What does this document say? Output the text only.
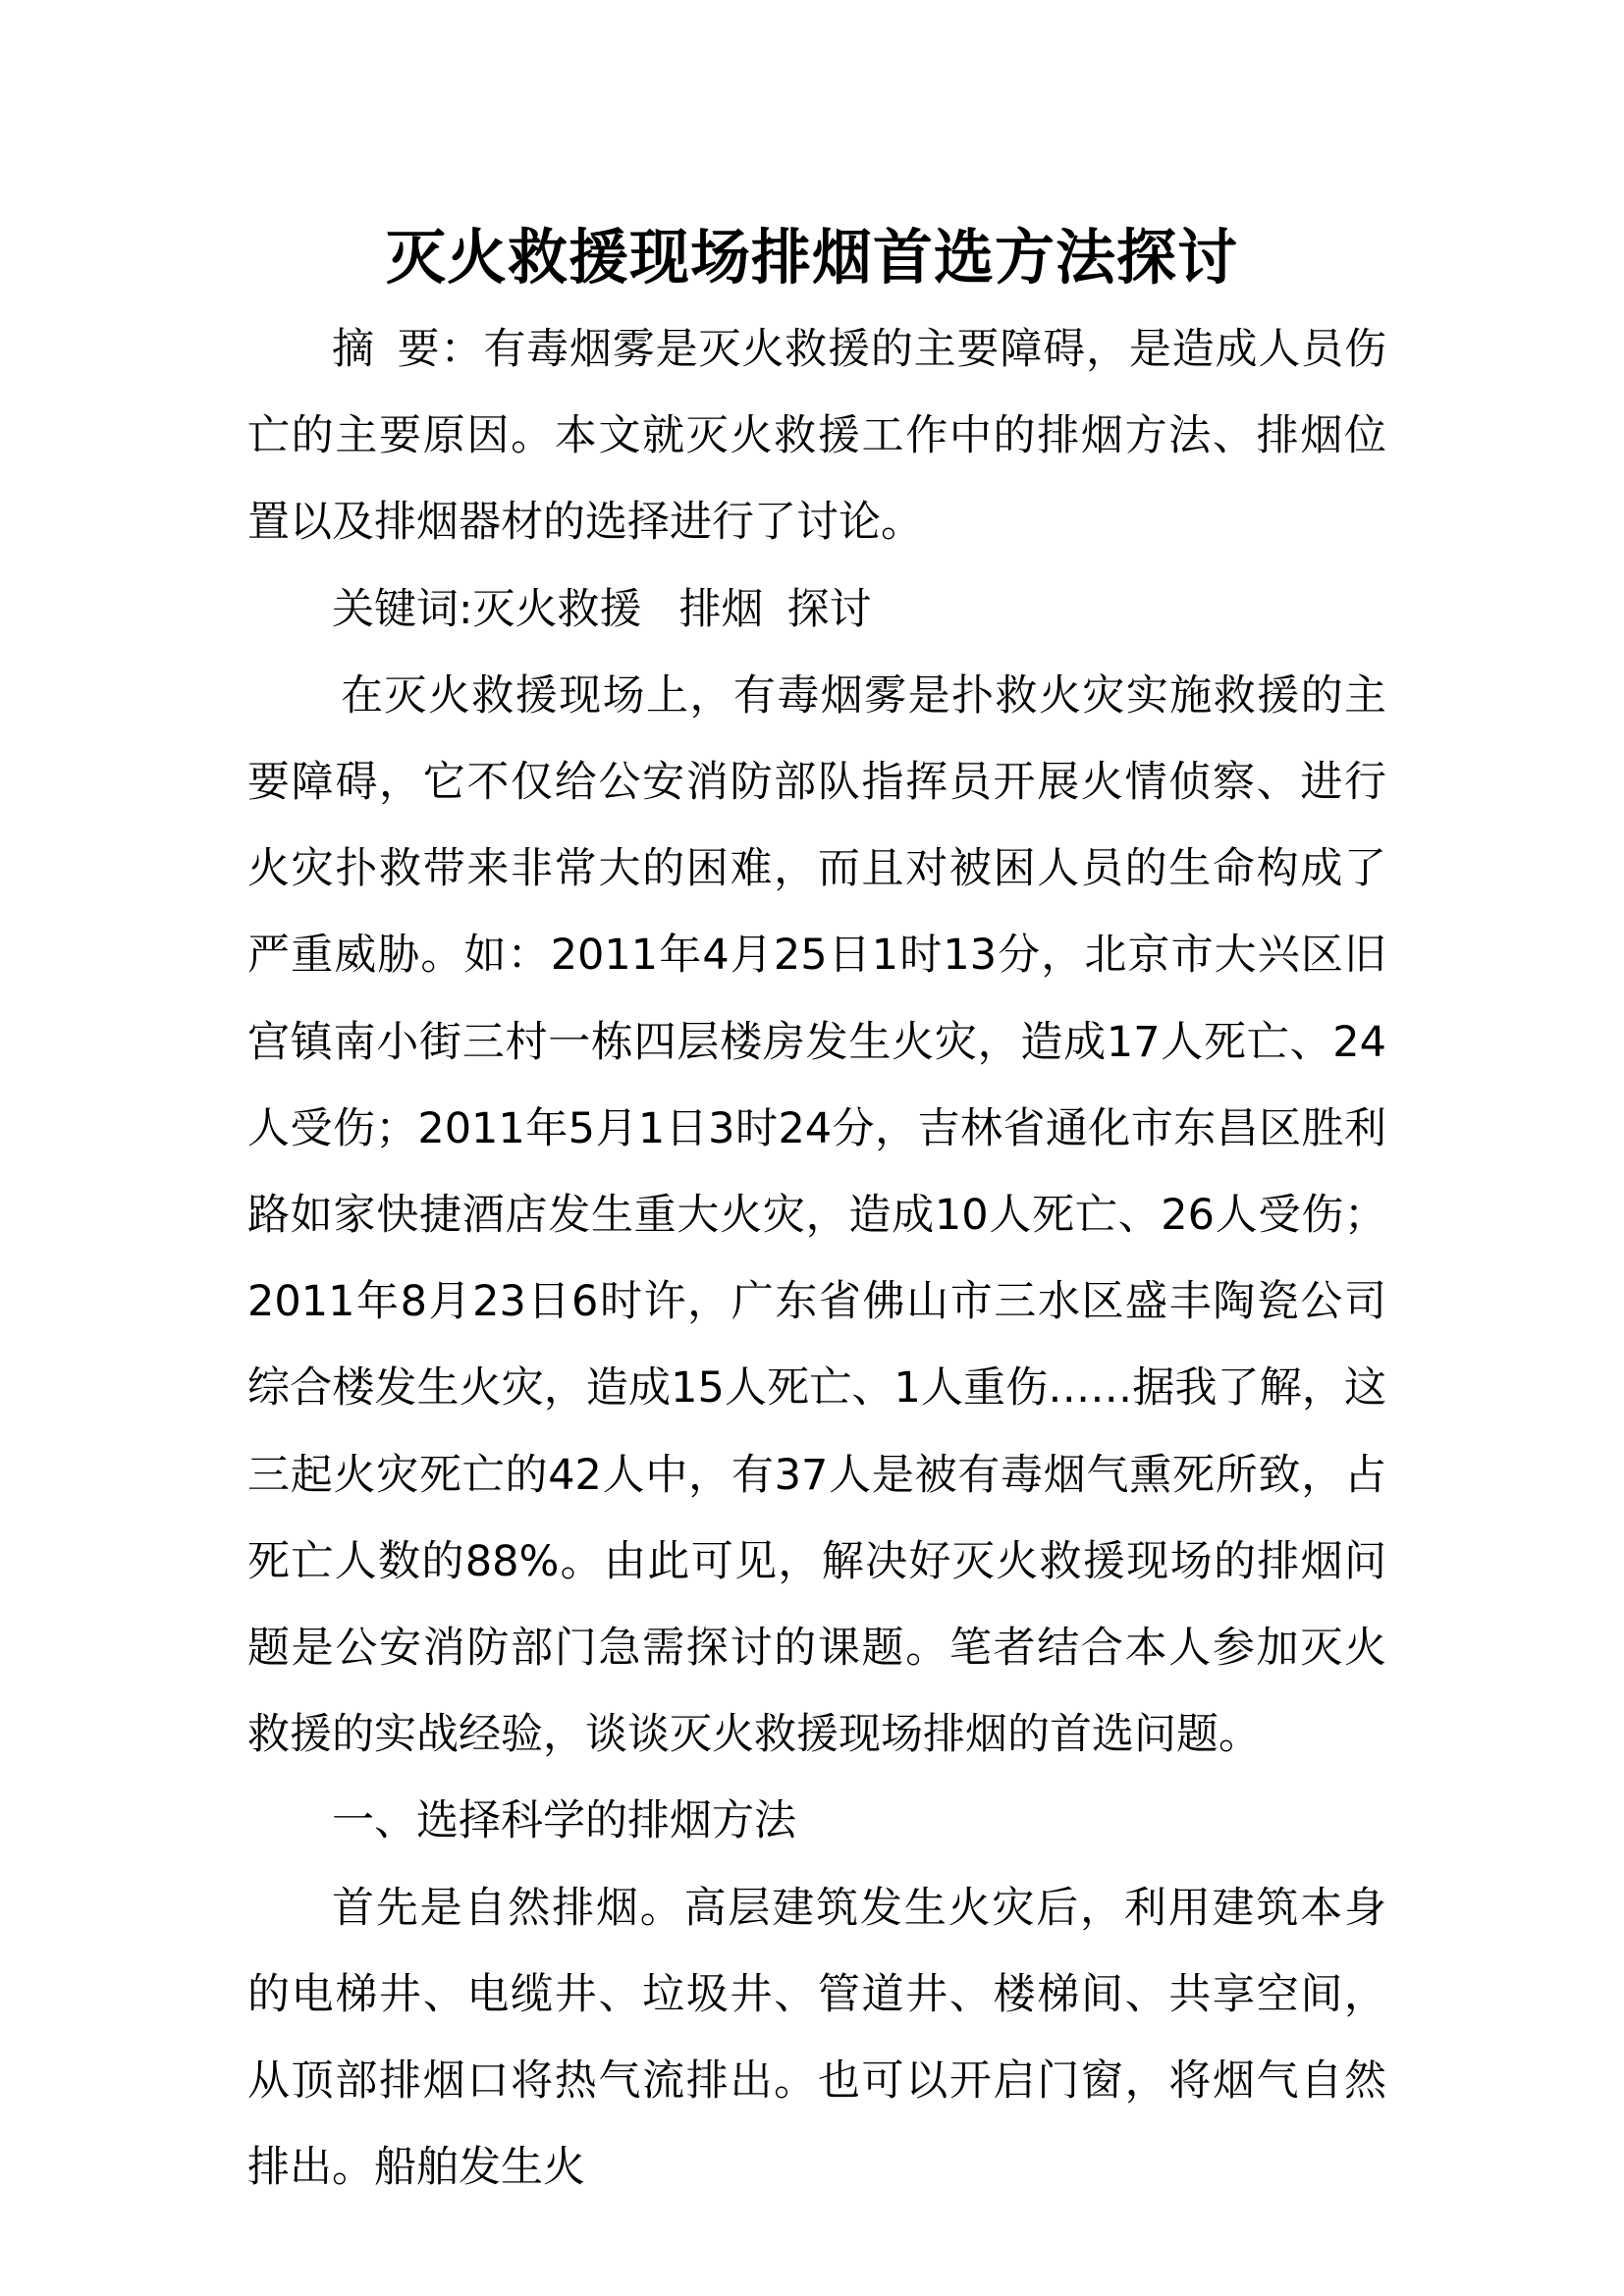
灭火救援现场排烟首选方法探讨

摘 要：有毒烟雾是灭火救援的主要障碍，是造成人员伤亡的主要原因。本文就灭火救援工作中的排烟方法、排烟位置以及排烟器材的选择进行了讨论。

关键词:灭火救援 排烟 探讨

在灭火救援现场上，有毒烟雾是扑救火灾实施救援的主要障碍，它不仅给公安消防部队指挥员开展火情侦察、进行火灾扑救带来非常大的困难，而且对被困人员的生命构成了严重威胁。如：2011年4月25日1时13分，北京市大兴区旧宫镇南小街三村一栋四层楼房发生火灾，造成17人死亡、24人受伤；2011年5月1日3时24分，吉林省通化市东昌区胜利路如家快捷酒店发生重大火灾，造成10人死亡、26人受伤；2011年8月23日6时许，广东省佛山市三水区盛丰陶瓷公司综合楼发生火灾，造成15人死亡、1人重伤……据我了解，这三起火灾死亡的42人中，有37人是被有毒烟气熏死所致，占死亡人数的88%。由此可见，解决好灭火救援现场的排烟问题是公安消防部门急需探讨的课题。笔者结合本人参加灭火救援的实战经验，谈谈灭火救援现场排烟的首选问题。

一、选择科学的排烟方法

首先是自然排烟。高层建筑发生火灾后，利用建筑本身的电梯井、电缆井、垃圾井、管道井、楼梯间、共享空间，从顶部排烟口将热气流排出。也可以开启门窗，将烟气自然排出。船舶发生火
